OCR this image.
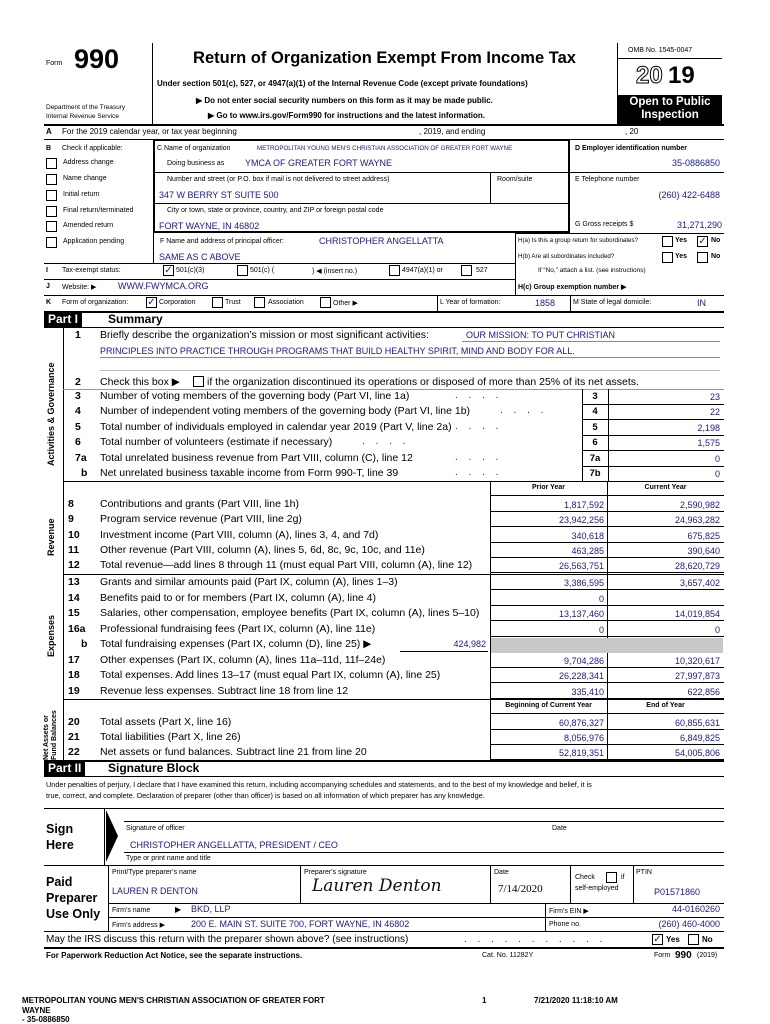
Form 990
Department of the Treasury
Internal Revenue Service
Return of Organization Exempt From Income Tax
Under section 501(c), 527, or 4947(a)(1) of the Internal Revenue Code (except private foundations)
▶ Do not enter social security numbers on this form as it may be made public.
▶ Go to www.irs.gov/Form990 for instructions and the latest information.
OMB No. 1545-0047
20 19
Open to Public
Inspection
A For the 2019 calendar year, or tax year beginning	, 2019, and ending	, 20
B Check if applicable:
Address change
Name change
Initial return
Final return/terminated
Amended return
Application pending
C Name of organization	METROPOLITAN YOUNG MEN'S CHRISTIAN ASSOCIATION OF GREATER FORT WAYNE
Doing business as YMCA OF GREATER FORT WAYNE
Number and street (or P.O. box if mail is not delivered to street address)	Room/suite
347 W BERRY ST SUITE 500
City or town, state or province, country, and ZIP or foreign postal code
FORT WAYNE, IN 46802
F Name and address of principal officer:	CHRISTOPHER ANGELLATTA
SAME AS C ABOVE
D Employer identification number
35-0886850
E Telephone number
(260) 422-6488
G Gross receipts $	31,271,290
H(a) Is this a group return for subordinates?	Yes ✓ No
H(b) Are all subordinates included?	Yes	No
If “No,” attach a list. (see instructions)
I Tax-exempt status:	✓ 501(c)(3)	501(c) (	) ◀ (insert no.)	4947(a)(1) or	527
J Website: ▶ WWW.FWYMCA.ORG	H(c) Group exemption number ▶
K Form of organization: ✓ Corporation	Trust	Association	Other ▶	L Year of formation:	1858	M State of legal domicile:	IN
Part I	Summary
Activities & Governance
Revenue
Expenses
Net Assets or Fund Balances
1 Briefly describe the organization’s mission or most significant activities:	OUR MISSION: TO PUT CHRISTIAN
PRINCIPLES INTO PRACTICE THROUGH PROGRAMS THAT BUILD HEALTHY SPIRIT, MIND AND BODY FOR ALL.
2 Check this box ▶	if the organization discontinued its operations or disposed of more than 25% of its net assets.
3 Number of voting members of the governing body (Part VI, line 1a)	. . . .	3	23
4 Number of independent voting members of the governing body (Part VI, line 1b)	. . . .	4	22
5 Total number of individuals employed in calendar year 2019 (Part V, line 2a) . . . .	5	2,198
6 Total number of volunteers (estimate if necessary)	. . . .	6	1,575
7a Total unrelated business revenue from Part VIII, column (C), line 12	. . . .	7a	0
b Net unrelated business taxable income from Form 990-T, line 39	. . . .	7b	0
Prior Year	Current Year
8 Contributions and grants (Part VIII, line 1h)	1,817,592	2,590,982
9 Program service revenue (Part VIII, line 2g)	23,942,256	24,963,282
10 Investment income (Part VIII, column (A), lines 3, 4, and 7d)	340,618	675,825
11 Other revenue (Part VIII, column (A), lines 5, 6d, 8c, 9c, 10c, and 11e)	463,285	390,640
12 Total revenue—add lines 8 through 11 (must equal Part VIII, column (A), line 12)	26,563,751	28,620,729
13 Grants and similar amounts paid (Part IX, column (A), lines 1–3)	3,386,595	3,657,402
14 Benefits paid to or for members (Part IX, column (A), line 4)	0
15 Salaries, other compensation, employee benefits (Part IX, column (A), lines 5–10)	13,137,460	14,019,854
16a Professional fundraising fees (Part IX, column (A), line 11e)	0	0
b Total fundraising expenses (Part IX, column (D), line 25) ▶	424,982
17 Other expenses (Part IX, column (A), lines 11a–11d, 11f–24e)	9,704,286	10,320,617
18 Total expenses. Add lines 13–17 (must equal Part IX, column (A), line 25)	26,228,341	27,997,873
19 Revenue less expenses. Subtract line 18 from line 12	335,410	622,856
Beginning of Current Year	End of Year
20 Total assets (Part X, line 16)	60,876,327	60,855,631
21 Total liabilities (Part X, line 26)	8,056,976	6,849,825
22 Net assets or fund balances. Subtract line 21 from line 20	52,819,351	54,005,806
Part II	Signature Block
Under penalties of perjury, I declare that I have examined this return, including accompanying schedules and statements, and to the best of my knowledge and belief, it is
true, correct, and complete. Declaration of preparer (other than officer) is based on all information of which preparer has any knowledge.
Sign
Here
Signature of officer	Date
CHRISTOPHER ANGELLATTA, PRESIDENT / CEO
Type or print name and title
Paid
Preparer
Use Only
Print/Type preparer’s name	Preparer's signature	Date
Check	if
self-employed
PTIN
LAUREN R DENTON	Lauren Denton	7/14/2020	P01571860
Firm's name	▶ BKD, LLP	Firm's EIN ▶	44-0160260
Firm's address ▶	200 E. MAIN ST. SUITE 700, FORT WAYNE, IN 46802	Phone no.	(260) 460-4000
May the IRS discuss this return with the preparer shown above? (see instructions)	. . . . . . . . . . .	✓ Yes	No
For Paperwork Reduction Act Notice, see the separate instructions.	Cat. No. 11282Y	Form 990 (2019)
METROPOLITAN YOUNG MEN'S CHRISTIAN ASSOCIATION OF GREATER FORT
WAYNE
- 35-0886850
1	7/21/2020 11:18:10 AM
